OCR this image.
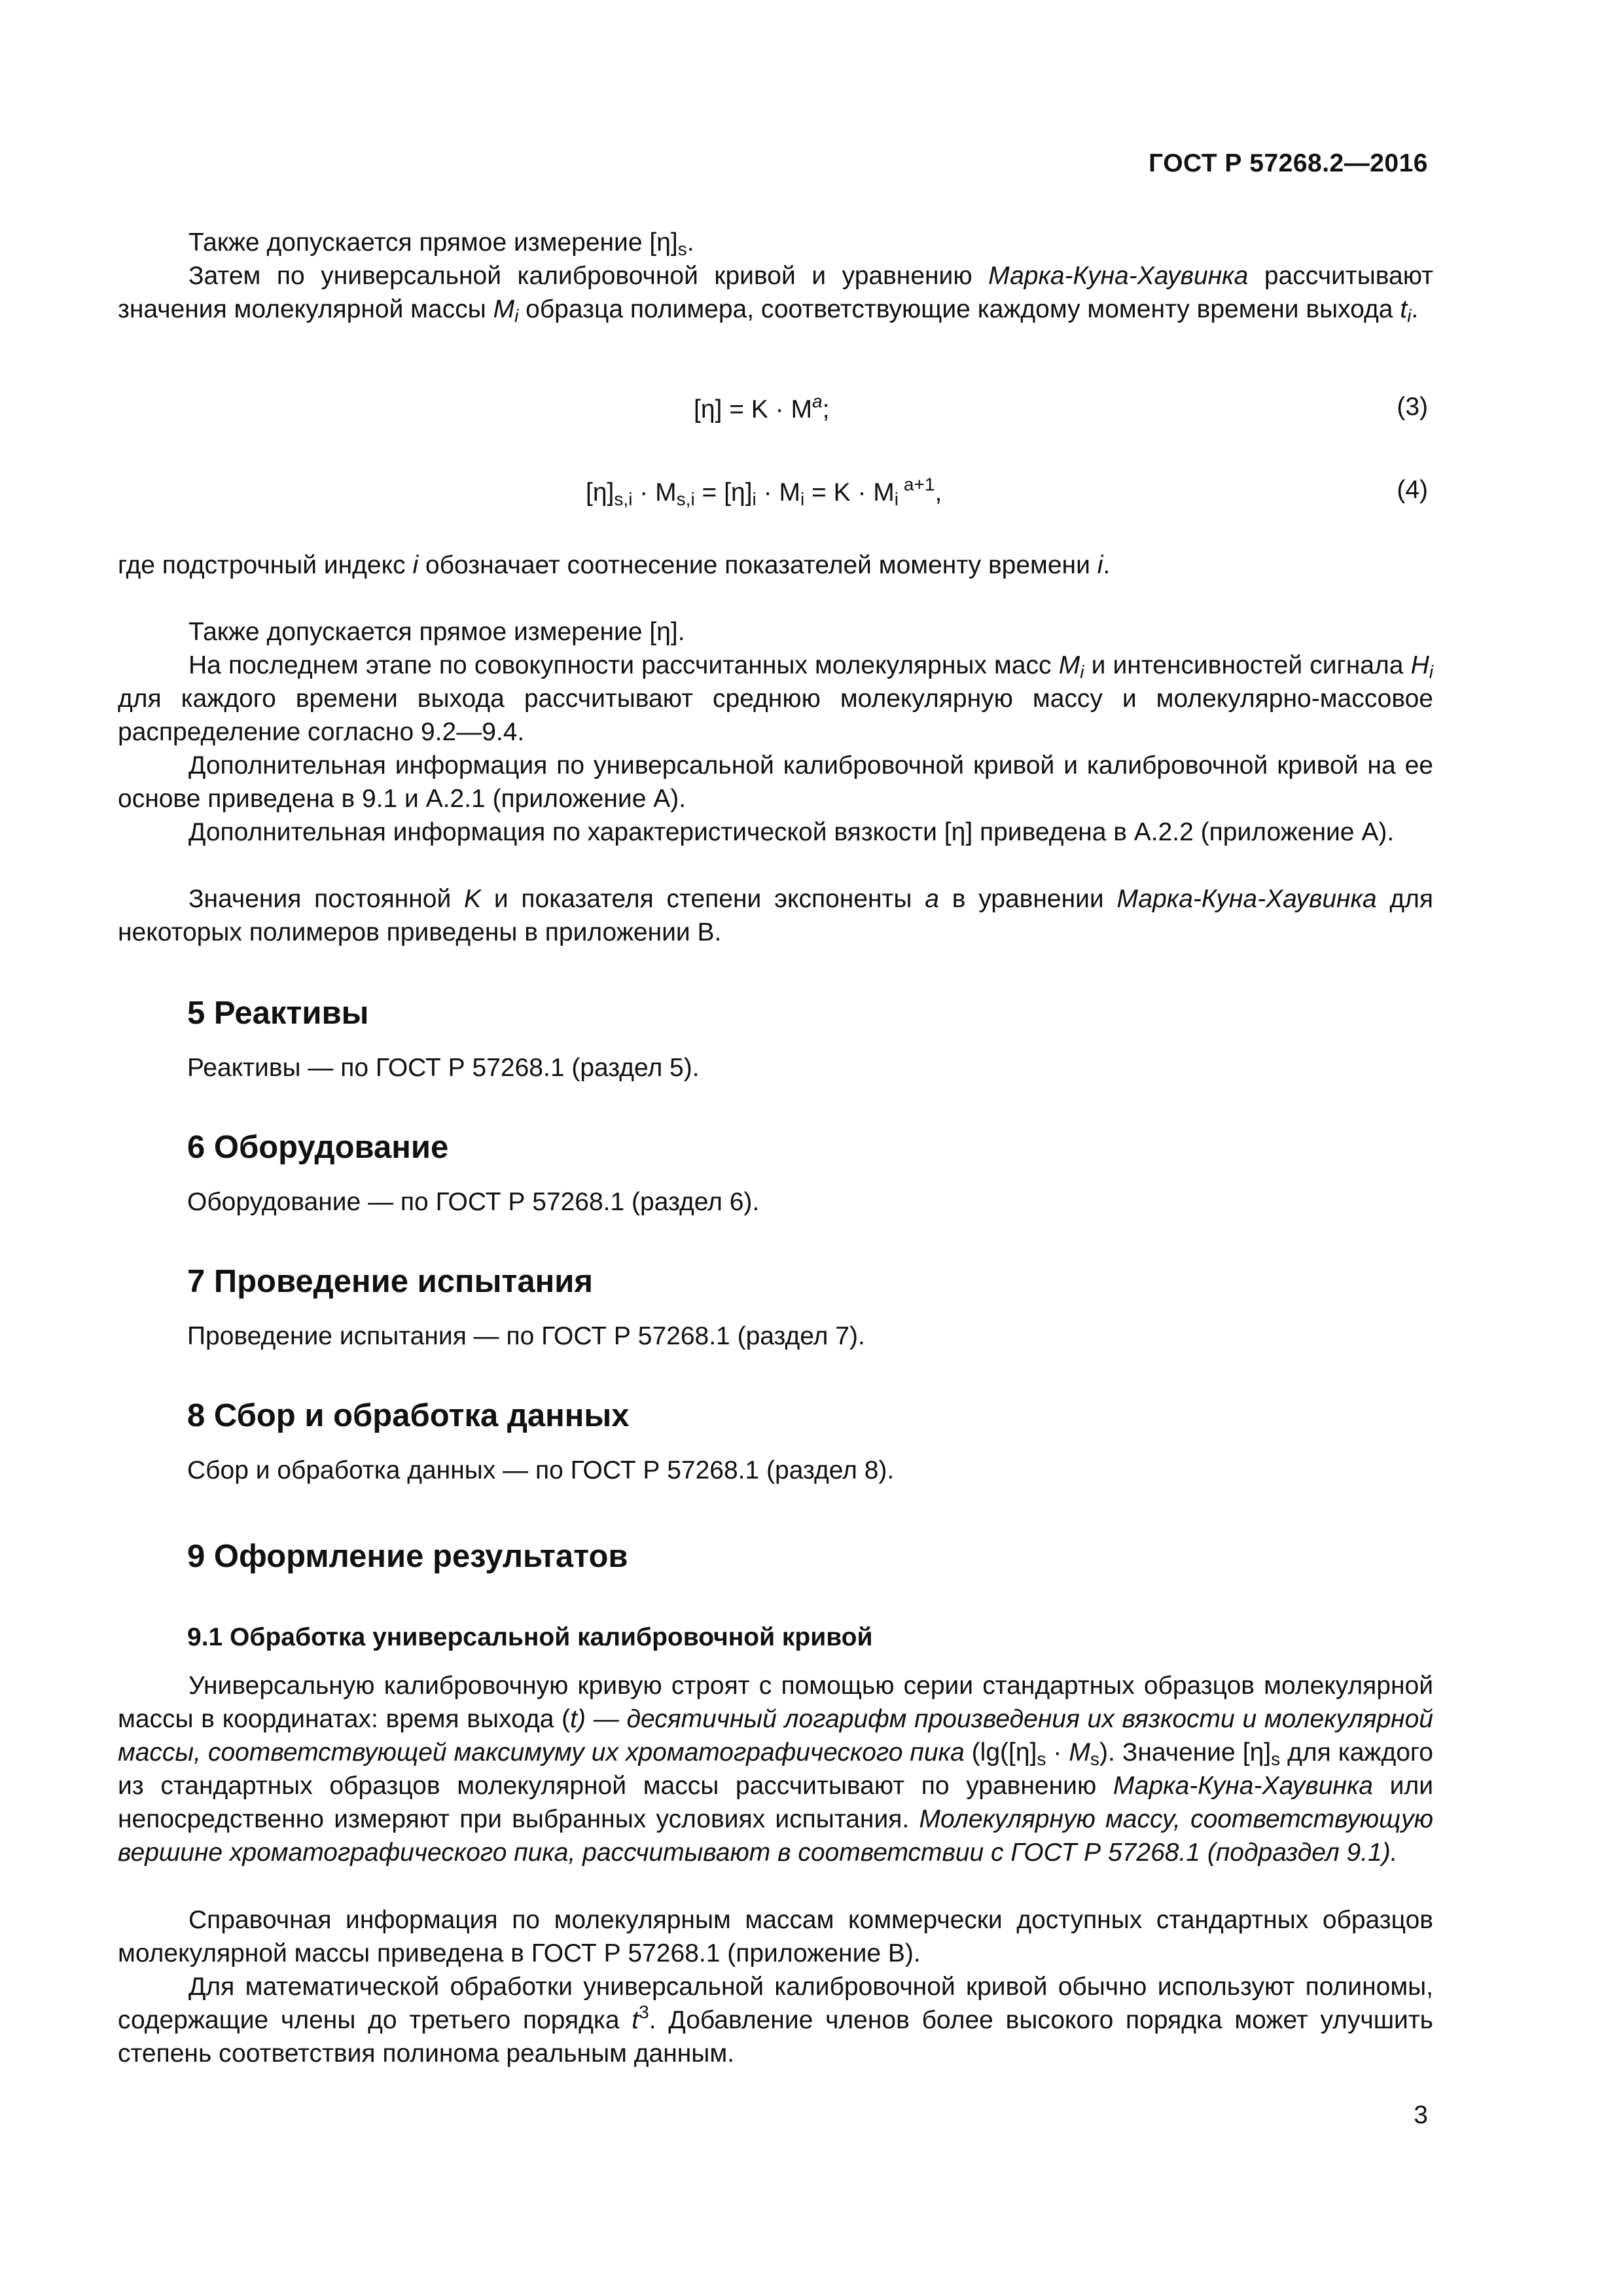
ГОСТ Р 57268.2—2016
Также допускается прямое измерение $[\eta]_s$.
Затем по универсальной калибровочной кривой и уравнению Марка-Куна-Хаувинка рассчитывают значения молекулярной массы $M_i$ образца полимера, соответствующие каждому моменту времени выхода $t_i$.
$[\eta] = K \cdot M^a$;	(3)
$[\eta]_{s,i} \cdot M_{s,i} = [\eta]_i \cdot M_i = K \cdot M_i$ $^{a+1}$,	(4)
где подстрочный индекс i обозначает соотнесение показателей моменту времени i.
Также допускается прямое измерение [η].
На последнем этапе по совокупности рассчитанных молекулярных масс $M_i$ и интенсивностей сигнала $H_i$ для каждого времени выхода рассчитывают среднюю молекулярную массу и молекулярно-массовое распределение согласно 9.2—9.4.
Дополнительная информация по универсальной калибровочной кривой и калибровочной кривой на ее основе приведена в 9.1 и А.2.1 (приложение А).
Дополнительная информация по характеристической вязкости [η] приведена в А.2.2 (приложение А).
Значения постоянной K и показателя степени экспоненты a в уравнении Марка-Куна-Хаувинка для некоторых полимеров приведены в приложении В.
5 Реактивы
Реактивы — по ГОСТ Р 57268.1 (раздел 5).
6 Оборудование
Оборудование — по ГОСТ Р 57268.1 (раздел 6).
7 Проведение испытания
Проведение испытания — по ГОСТ Р 57268.1 (раздел 7).
8 Сбор и обработка данных
Сбор и обработка данных — по ГОСТ Р 57268.1 (раздел 8).
9 Оформление результатов
9.1 Обработка универсальной калибровочной кривой
Универсальную калибровочную кривую строят с помощью серии стандартных образцов молекулярной массы в координатах: время выхода (t) — десятичный логарифм произведения их вязкости и молекулярной массы, соответствующей максимуму их хроматографического пика ($\lg([\eta]_s \cdot M_s)$. Значение $[\eta]_s$ для каждого из стандартных образцов молекулярной массы рассчитывают по уравнению Марка-Куна-Хаувинка или непосредственно измеряют при выбранных условиях испытания. Молекулярную массу, соответствующую вершине хроматографического пика, рассчитывают в соответствии с ГОСТ Р 57268.1 (подраздел 9.1).
Справочная информация по молекулярным массам коммерчески доступных стандартных образцов молекулярной массы приведена в ГОСТ Р 57268.1 (приложение В).
Для математической обработки универсальной калибровочной кривой обычно используют полиномы, содержащие члены до третьего порядка $t^3$. Добавление членов более высокого порядка может улучшить степень соответствия полинома реальным данным.
3
